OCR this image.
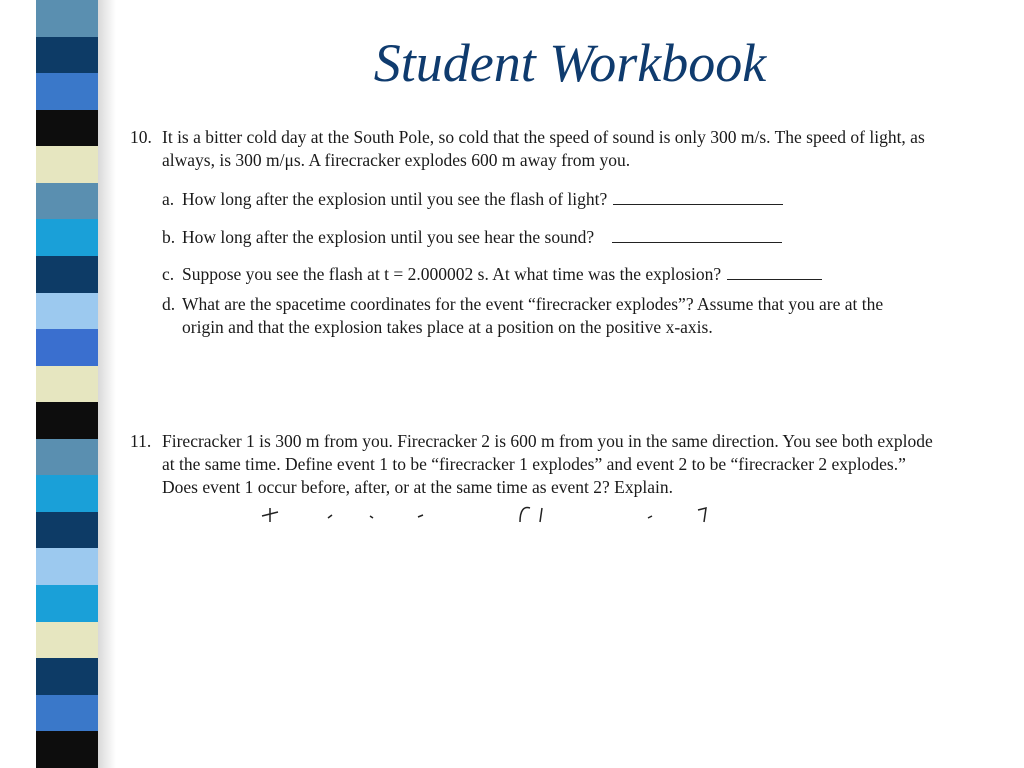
Student Workbook
10. It is a bitter cold day at the South Pole, so cold that the speed of sound is only 300 m/s. The speed of light, as always, is 300 m/μs. A firecracker explodes 600 m away from you.
a. How long after the explosion until you see the flash of light?
b. How long after the explosion until you see hear the sound?
c. Suppose you see the flash at t = 2.000002 s. At what time was the explosion?
d. What are the spacetime coordinates for the event “firecracker explodes”? Assume that you are at the origin and that the explosion takes place at a position on the positive x-axis.
11. Firecracker 1 is 300 m from you. Firecracker 2 is 600 m from you in the same direction. You see both explode at the same time. Define event 1 to be “firecracker 1 explodes” and event 2 to be “firecracker 2 explodes.” Does event 1 occur before, after, or at the same time as event 2? Explain.
